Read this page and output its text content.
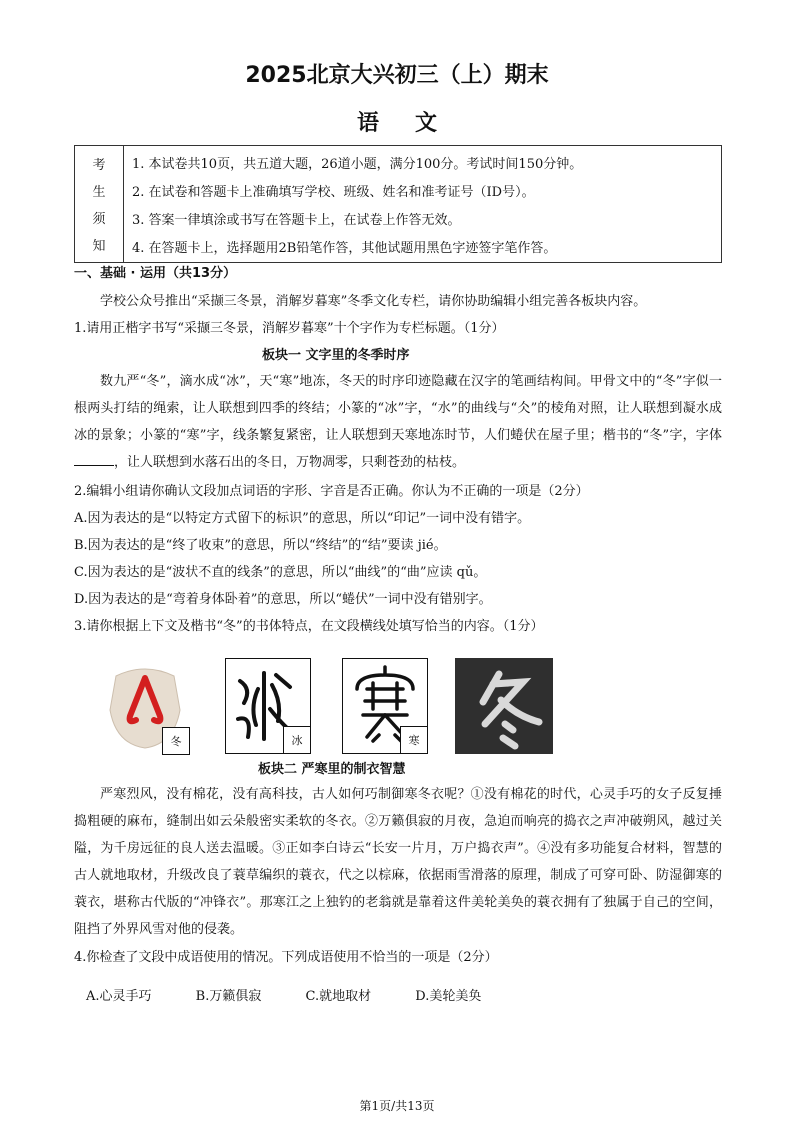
2025北京大兴初三（上）期末
语文
考
生
须
知
1. 本试卷共10页，共五道大题，26道小题，满分100分。考试时间150分钟。
2. 在试卷和答题卡上准确填写学校、班级、姓名和准考证号（ID号）。
3. 答案一律填涂或书写在答题卡上，在试卷上作答无效。
4. 在答题卡上，选择题用2B铅笔作答，其他试题用黑色字迹签字笔作答。
一、基础 · 运用（共13分）
学校公众号推出“采撷三冬景，消解岁暮寒”冬季文化专栏，请你协助编辑小组完善各板块内容。
1.请用正楷字书写“采撷三冬景，消解岁暮寒”十个字作为专栏标题。（1分）
板块一 文字里的冬季时序
数九严“冬”，滴水成“冰”，天“寒”地冻，冬天的时序印迹隐藏在汉字的笔画结构间。甲骨文中的“冬”字似一根两头打结的绳索，让人联想到四季的终结；小篆的“冰”字，“水”的曲线与“仌”的棱角对照，让人联想到凝水成冰的景象；小篆的“寒”字，线条繁复紧密，让人联想到天寒地冻时节，人们蜷伏在屋子里；楷书的“冬”字，字体，让人联想到水落石出的冬日，万物凋零，只剩苍劲的枯枝。
2.编辑小组请你确认文段加点词语的字形、字音是否正确。你认为不正确的一项是（2分）
A.因为表达的是“以特定方式留下的标识”的意思，所以“印记”一词中没有错字。
B.因为表达的是“终了收束”的意思，所以“终结”的“结”要读 jié。
C.因为表达的是“波状不直的线条”的意思，所以“曲线”的“曲”应读 qǔ。
D.因为表达的是“弯着身体卧着”的意思，所以“蜷伏”一词中没有错别字。
3.请你根据上下文及楷书“冬”的书体特点，在文段横线处填写恰当的内容。（1分）
冬	冰	寒
板块二 严寒里的制衣智慧
严寒烈风，没有棉花，没有高科技，古人如何巧制御寒冬衣呢？①没有棉花的时代，心灵手巧的女子反复捶捣粗硬的麻布，缝制出如云朵般密实柔软的冬衣。②万籁俱寂的月夜，急迫而响亮的捣衣之声冲破朔风，越过关隘，为千房远征的良人送去温暖。③正如李白诗云“长安一片月，万户捣衣声”。④没有多功能复合材料，智慧的古人就地取材，升级改良了蓑草编织的蓑衣，代之以棕麻，依据雨雪滑落的原理，制成了可穿可卧、防湿御寒的蓑衣，堪称古代版的“冲锋衣”。那寒江之上独钓的老翁就是靠着这件美轮美奂的蓑衣拥有了独属于自己的空间，阻挡了外界风雪对他的侵袭。
4.你检查了文段中成语使用的情况。下列成语使用不恰当的一项是（2分）
A.心灵手巧	B.万籁俱寂	C.就地取材	D.美轮美奂
第1页/共13页
